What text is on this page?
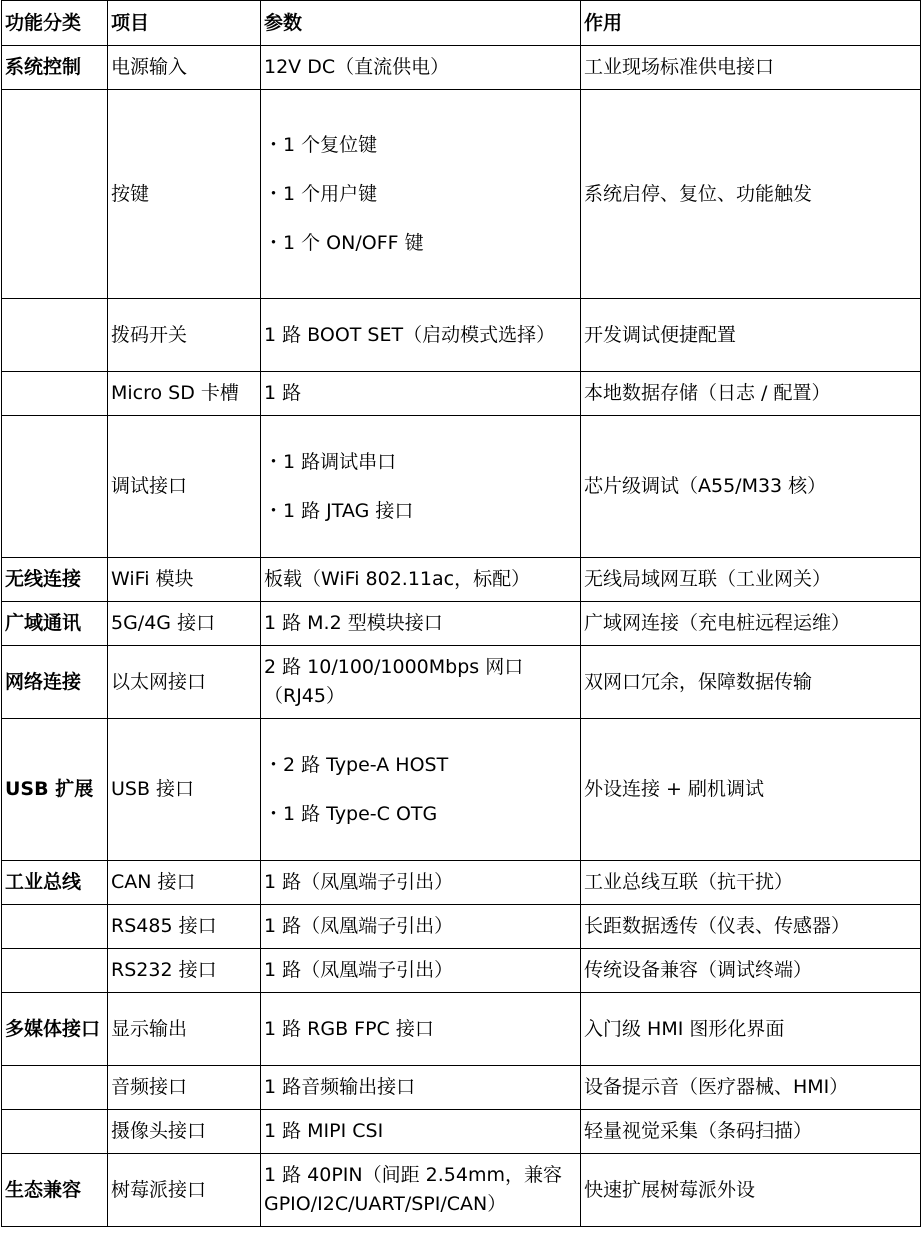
功能分类	项目	参数	作用
系统控制	电源输入	12V DC（直流供电）	工业现场标准供电接口
	按键	・1 个复位键
・1 个用户键
・1 个 ON/OFF 键	系统启停、复位、功能触发
	拨码开关	1 路 BOOT SET（启动模式选择）	开发调试便捷配置
	Micro SD 卡槽	1 路	本地数据存储（日志 / 配置）
	调试接口	・1 路调试串口
・1 路 JTAG 接口	芯片级调试（A55/M33 核）
无线连接	WiFi 模块	板载（WiFi 802.11ac，标配）	无线局域网互联（工业网关）
广域通讯	5G/4G 接口	1 路 M.2 型模块接口	广域网连接（充电桩远程运维）
网络连接	以太网接口	2 路 10/100/1000Mbps 网口（RJ45）	双网口冗余，保障数据传输
USB 扩展	USB 接口	・2 路 Type-A HOST
・1 路 Type-C OTG	外设连接 + 刷机调试
工业总线	CAN 接口	1 路（凤凰端子引出）	工业总线互联（抗干扰）
	RS485 接口	1 路（凤凰端子引出）	长距数据透传（仪表、传感器）
	RS232 接口	1 路（凤凰端子引出）	传统设备兼容（调试终端）
多媒体接口	显示输出	1 路 RGB FPC 接口	入门级 HMI 图形化界面
	音频接口	1 路音频输出接口	设备提示音（医疗器械、HMI）
	摄像头接口	1 路 MIPI CSI	轻量视觉采集（条码扫描）
生态兼容	树莓派接口	1 路 40PIN（间距 2.54mm，兼容 GPIO/I2C/UART/SPI/CAN）	快速扩展树莓派外设
